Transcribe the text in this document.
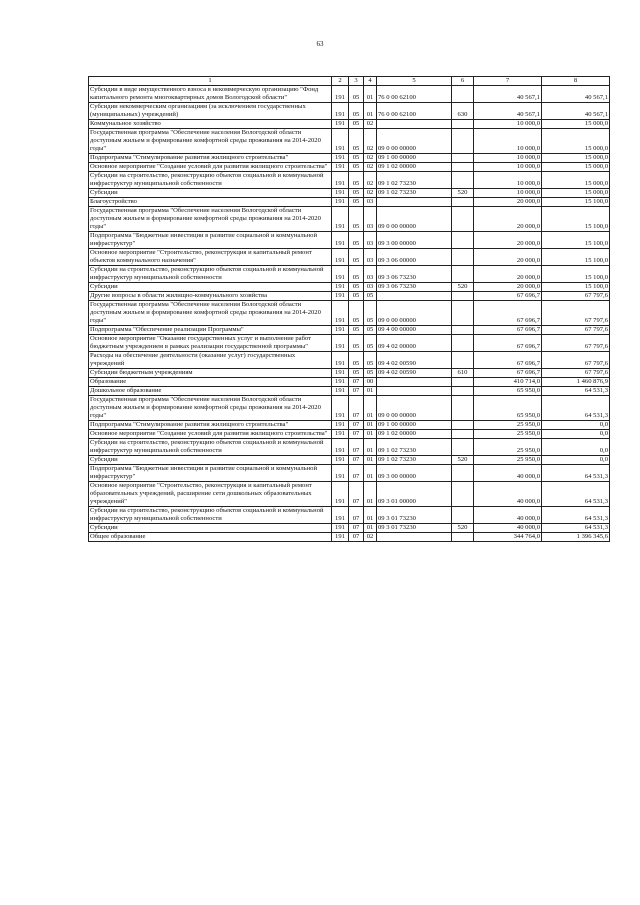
63
1	2	3	4	5	6	7	8
Субсидии в виде имущественного взноса в некоммерческую организацию "Фонд капитального ремонта многоквартирных домов Вологодской области"	191	05	01	76 0 00 62100		40 567,1	40 567,1
Субсидии некоммерческим организациям (за исключением государственных (муниципальных) учреждений)	191	05	01	76 0 00 62100	630	40 567,1	40 567,1
Коммунальное хозяйство	191	05	02			10 000,0	15 000,0
Государственная программа "Обеспечение населения Вологодской области доступным жильем и формирование комфортной среды проживания на 2014-2020 годы"	191	05	02	09 0 00 00000		10 000,0	15 000,0
Подпрограмма "Стимулирование развития жилищного строительства"	191	05	02	09 1 00 00000		10 000,0	15 000,0
Основное мероприятие "Создание условий для развития жилищного строительства"	191	05	02	09 1 02 00000		10 000,0	15 000,0
Субсидии на строительство, реконструкцию объектов социальной и коммунальной инфраструктур муниципальной собственности	191	05	02	09 1 02 73230		10 000,0	15 000,0
Субсидии	191	05	02	09 1 02 73230	520	10 000,0	15 000,0
Благоустройство	191	05	03			20 000,0	15 100,0
Государственная программа "Обеспечение населения Вологодской области доступным жильем и формирование комфортной среды проживания на 2014-2020 годы"	191	05	03	09 0 00 00000		20 000,0	15 100,0
Подпрограмма "Бюджетные инвестиции в развитие социальной и коммунальной инфраструктур"	191	05	03	09 3 00 00000		20 000,0	15 100,0
Основное мероприятие "Строительство, реконструкция и капитальный ремонт объектов коммунального назначения"	191	05	03	09 3 06 00000		20 000,0	15 100,0
Субсидии на строительство, реконструкцию объектов социальной и коммунальной инфраструктур муниципальной собственности	191	05	03	09 3 06 73230		20 000,0	15 100,0
Субсидии	191	05	03	09 3 06 73230	520	20 000,0	15 100,0
Другие вопросы в области жилищно-коммунального хозяйства	191	05	05			67 696,7	67 797,6
Государственная программа "Обеспечение населения Вологодской области доступным жильем и формирование комфортной среды проживания на 2014-2020 годы"	191	05	05	09 0 00 00000		67 696,7	67 797,6
Подпрограмма "Обеспечение реализации Программы"	191	05	05	09 4 00 00000		67 696,7	67 797,6
Основное мероприятие "Оказание государственных услуг и выполнение работ бюджетным учреждением в рамках реализации государственной программы"	191	05	05	09 4 02 00000		67 696,7	67 797,6
Расходы на обеспечение деятельности (оказание услуг) государственных учреждений	191	05	05	09 4 02 00590		67 696,7	67 797,6
Субсидии бюджетным учреждениям	191	05	05	09 4 02 00590	610	67 696,7	67 797,6
Образование	191	07	00			410 714,0	1 460 876,9
Дошкольное образование	191	07	01			65 950,0	64 531,3
Государственная программа "Обеспечение населения Вологодской области доступным жильем и формирование комфортной среды проживания на 2014-2020 годы"	191	07	01	09 0 00 00000		65 950,0	64 531,3
Подпрограмма "Стимулирование развития жилищного строительства"	191	07	01	09 1 00 00000		25 950,0	0,0
Основное мероприятие "Создание условий для развития жилищного строительства"	191	07	01	09 1 02 00000		25 950,0	0,0
Субсидии на строительство, реконструкцию объектов социальной и коммунальной инфраструктур муниципальной собственности	191	07	01	09 1 02 73230		25 950,0	0,0
Субсидии	191	07	01	09 1 02 73230	520	25 950,0	0,0
Подпрограмма "Бюджетные инвестиции в развитие социальной и коммунальной инфраструктур"	191	07	01	09 3 00 00000		40 000,0	64 531,3
Основное мероприятие "Строительство, реконструкция и капитальный ремонт образовательных учреждений, расширение сети дошкольных образовательных учреждений"	191	07	01	09 3 01 00000		40 000,0	64 531,3
Субсидии на строительство, реконструкцию объектов социальной и коммунальной инфраструктур муниципальной собственности	191	07	01	09 3 01 73230		40 000,0	64 531,3
Субсидии	191	07	01	09 3 01 73230	520	40 000,0	64 531,3
Общее образование	191	07	02			344 764,0	1 396 345,6
